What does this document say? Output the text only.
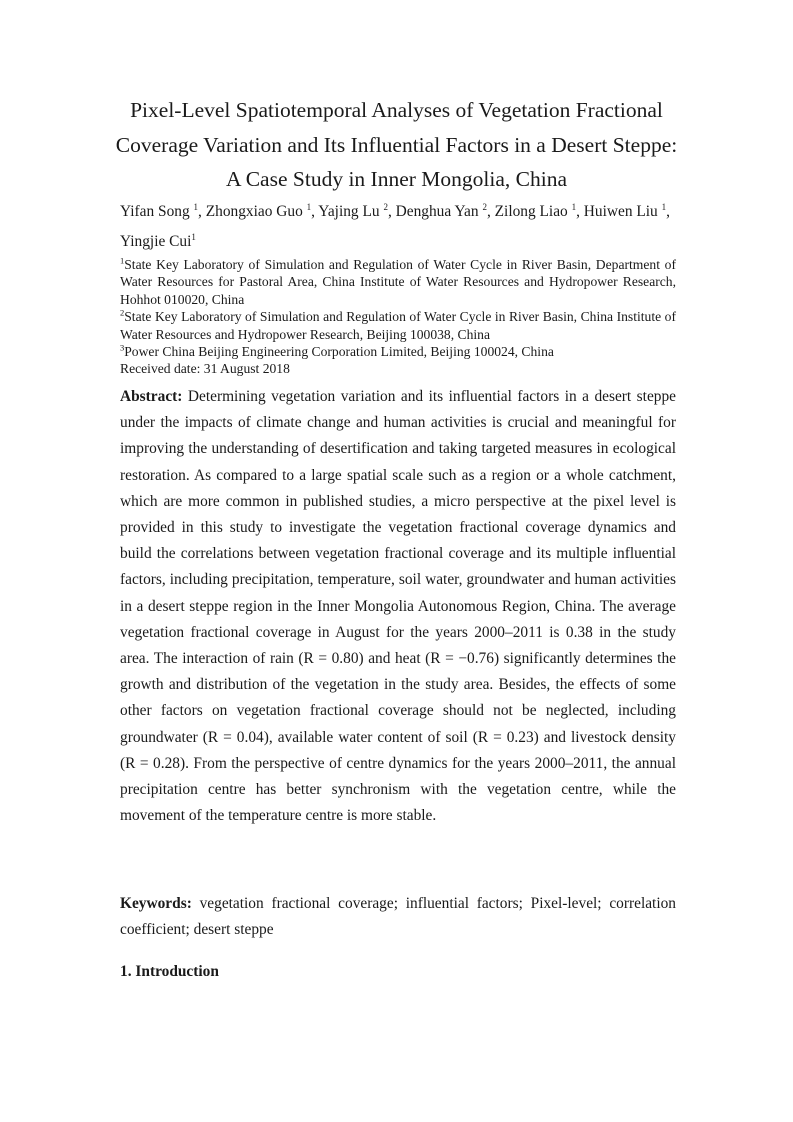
Pixel-Level Spatiotemporal Analyses of Vegetation Fractional Coverage Variation and Its Influential Factors in a Desert Steppe: A Case Study in Inner Mongolia, China

Yifan Song $^1$, Zhongxiao Guo $^1$, Yajing Lu $^2$, Denghua Yan $^2$, Zilong Liao $^1$, Huiwen Liu $^1$, Yingjie Cui$^1$

$^1$State Key Laboratory of Simulation and Regulation of Water Cycle in River Basin, Department of Water Resources for Pastoral Area, China Institute of Water Resources and Hydropower Research, Hohhot 010020, China

$^2$State Key Laboratory of Simulation and Regulation of Water Cycle in River Basin, China Institute of Water Resources and Hydropower Research, Beijing 100038, China

$^3$Power China Beijing Engineering Corporation Limited, Beijing 100024, China

Received date: 31 August 2018

Abstract: Determining vegetation variation and its influential factors in a desert steppe under the impacts of climate change and human activities is crucial and meaningful for improving the understanding of desertification and taking targeted measures in ecological restoration. As compared to a large spatial scale such as a region or a whole catchment, which are more common in published studies, a micro perspective at the pixel level is provided in this study to investigate the vegetation fractional coverage dynamics and build the correlations between vegetation fractional coverage and its multiple influential factors, including precipitation, temperature, soil water, groundwater and human activities in a desert steppe region in the Inner Mongolia Autonomous Region, China. The average vegetation fractional coverage in August for the years 2000–2011 is 0.38 in the study area. The interaction of rain (R = 0.80) and heat (R = −0.76) significantly determines the growth and distribution of the vegetation in the study area. Besides, the effects of some other factors on vegetation fractional coverage should not be neglected, including groundwater (R = 0.04), available water content of soil (R = 0.23) and livestock density (R = 0.28). From the perspective of centre dynamics for the years 2000–2011, the annual precipitation centre has better synchronism with the vegetation centre, while the movement of the temperature centre is more stable.

Keywords: vegetation fractional coverage; influential factors; Pixel-level; correlation coefficient; desert steppe

1. Introduction
